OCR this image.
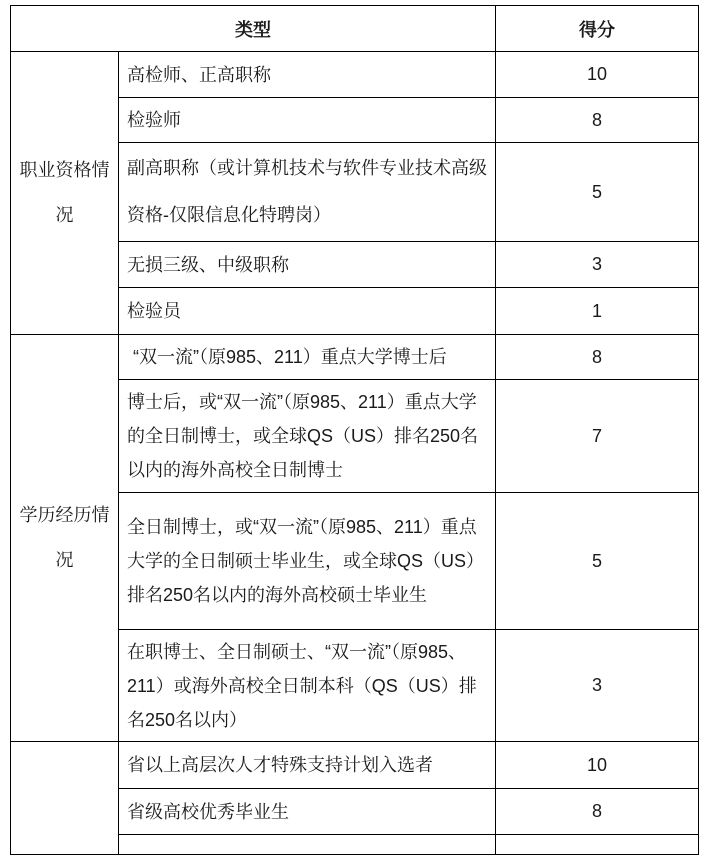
类型		得分
职业资格情况	高检师、正高职称	10
	检验师	8
	副高职称（或计算机技术与软件专业技术高级资格-仅限信息化特聘岗）	5
	无损三级、中级职称	3
	检验员	1
学历经历情况	“双一流”（原985、211）重点大学博士后	8
	博士后，或“双一流”（原985、211）重点大学的全日制博士，或全球QS（US）排名250名以内的海外高校全日制博士	7
	全日制博士，或“双一流”（原985、211）重点大学的全日制硕士毕业生，或全球QS（US）排名250名以内的海外高校硕士毕业生	5
	在职博士、全日制硕士、“双一流”（原985、211）或海外高校全日制本科（QS（US）排名250名以内）	3
	省以上高层次人才特殊支持计划入选者	10
	省级高校优秀毕业生	8
